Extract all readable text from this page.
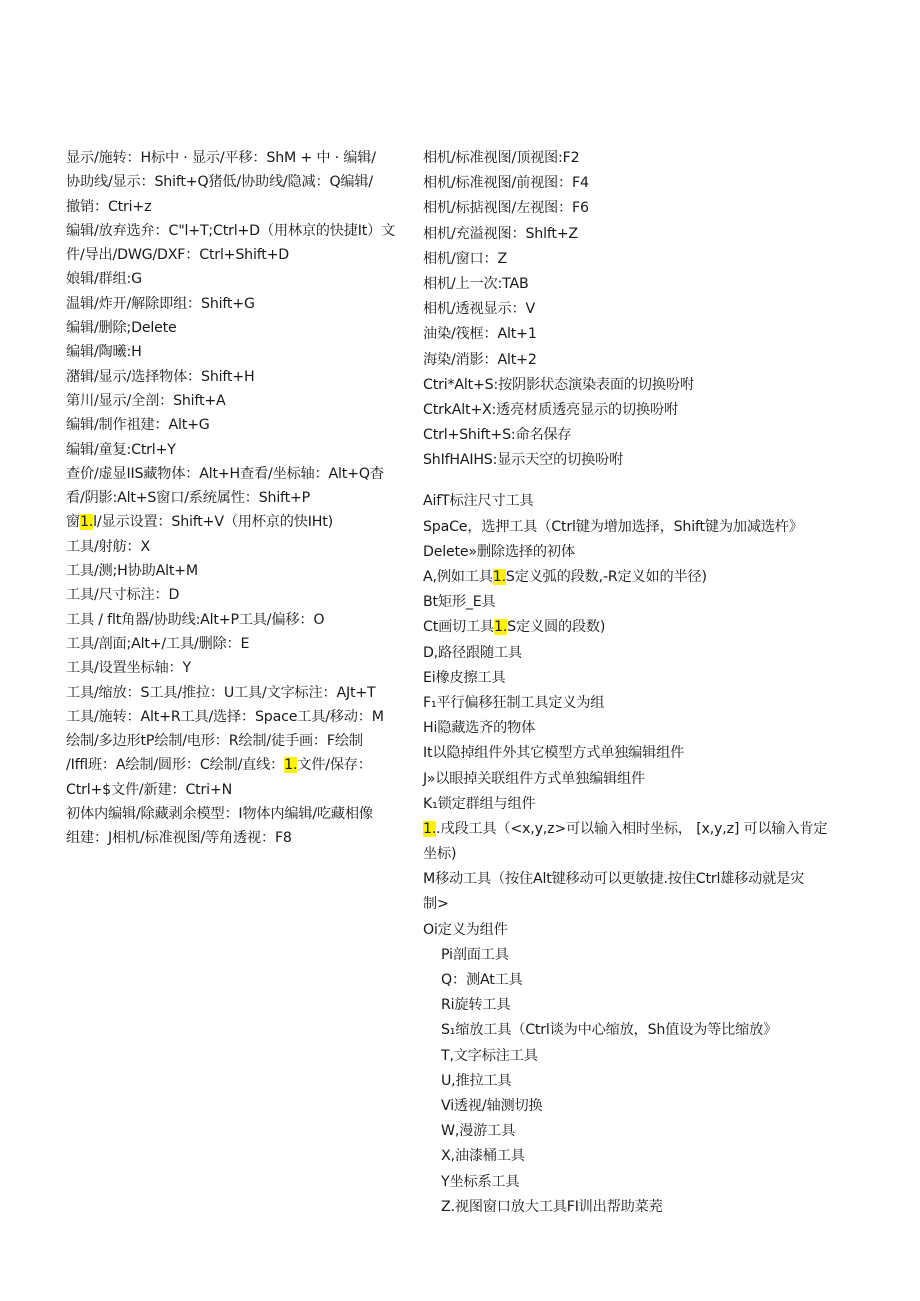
显示/施转：H标中 · 显示/平移：ShM + 中 · 编辑/
协助线/显示：Shift+Q猪低/协助线/隐减：Q编辑/
撤销：Ctri+z
编辑/放弃选弁：C"l+T;Ctrl+D（用林京的快捷It）文
件/导出/DWG/DXF：Ctrl+Shift+D
娘辑/群组:G
温辑/炸开/解除即组：Shift+G
编辑/删除;Delete
编辑/陶曦:H
潴辑/显示/选择物体：Shift+H
第川/显示/全剖：Shift+A
编辑/制作祖建：Alt+G
编辑/童复:Ctrl+Y
查价/虚显IIS藏物体：Alt+H查看/坐标轴：Alt+Q杳
看/阴影:Alt+S窗口/系统属性：Shift+P
窗1.l/显示设置：Shift+V（用杯京的快IHt)
工具/射舫：X
工具/测;H协助Alt+M
工具/尺寸标注：D
工具 / flt角器/协助线:Alt+P工具/偏移：O
工具/剖面;Alt+/工具/删除：E
工具/设置坐标轴：Y
工具/缩放：S工具/推拉：U工具/文字标注：AJt+T
工具/施转：Alt+R工具/选择：Space工具/移动：M
绘制/多边形tP绘制/电形：R绘制/徒手画：F绘制
/Iffl班：A绘制/圆形：C绘制/直线：1.文件/保存：
Ctrl+$文件/新建：Ctri+N
初体内编辑/除藏剥余模型：I物体内编辑/吃藏相像
组建：J相机/标准视图/等角透视：F8
相机/标准视图/顶视图:F2
相机/标准视图/前视图：F4
相机/标掂视图/左视图：F6
相机/充溢视图：Shlft+Z
相机/窗口：Z
相机/上一次:TAB
相机/透视显示：V
油染/筏框：Alt+1
海染/消影：Alt+2
Ctri*Alt+S:按阴影状态演染表面的切换吩咐
CtrkAlt+X:透亮材质透亮显示的切换吩咐
Ctrl+Shift+S:命名保存
ShIfHAIHS:显示天空的切换吩咐
AifT标注尺寸工具
SpaCe，选押工具（Ctrl键为增加选择，Shift键为加减选杵》
Delete»删除选择的初体
A,例如工具1.S定义弧的段数,-R定义如的半径)
Bt矩形_E具
Ct画切工具1.S定义圆的段数)
D,路径跟随工具
Ei橡皮擦工具
F₁平行偏移狂制工具定义为组
Hi隐藏选齐的物体
It以隐掉组件外其它模型方式单独编辑组件
J»以眼掉关联组件方式单独编辑组件
K₁锁定群组与组件
1..戌段工具（<x,y,z>可以输入相时坐标， [x,y,z] 可以输入肯定
坐标)
M移动工具（按住Alt键移动可以更敏捷.按住Ctrl雄移动就是灾
制>
Oi定义为组件
Pi剖面工具
Q：测At工具
Ri旋转工具
S₁缩放工具（Ctrl谈为中心缩放，Sh值设为等比缩放》
T,文字标注工具
U,推拉工具
Vi透视/轴测切换
W,漫游工具
X,油漆桶工具
Y坐标系工具
Z.视图窗口放大工具FI训出帮助菜茺
